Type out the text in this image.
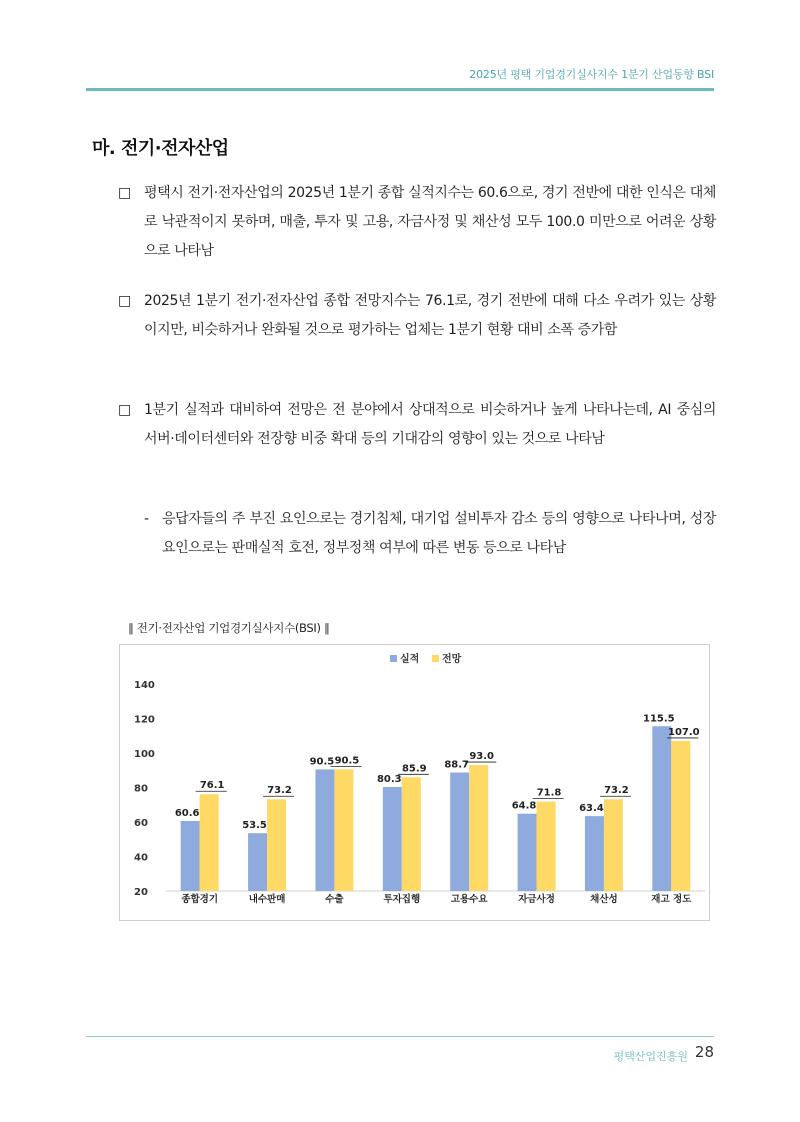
2025년 평택 기업경기실사지수 1분기 산업동향 BSI
마. 전기·전자산업
□ 평택시 전기·전자산업의 2025년 1분기 종합 실적지수는 60.6으로, 경기 전반에 대한 인식은 대체로 낙관적이지 못하며, 매출, 투자 및 고용, 자금사정 및 채산성 모두 100.0 미만으로 어려운 상황으로 나타남
□ 2025년 1분기 전기·전자산업 종합 전망지수는 76.1로, 경기 전반에 대해 다소 우려가 있는 상황이지만, 비슷하거나 완화될 것으로 평가하는 업체는 1분기 현황 대비 소폭 증가함
□ 1분기 실적과 대비하여 전망은 전 분야에서 상대적으로 비슷하거나 높게 나타나는데, AI 중심의 서버·데이터센터와 전장향 비중 확대 등의 기대감의 영향이 있는 것으로 나타남
- 응답자들의 주 부진 요인으로는 경기침체, 대기업 설비투자 감소 등의 영향으로 나타나며, 성장 요인으로는 판매실적 호전, 정부정책 여부에 따른 변동 등으로 나타남
∥ 전기·전자산업 기업경기실사지수(BSI) ∥
20
40
60
80
100
120
140
실적 전망
60.6
76.1
종합경기
53.5
73.2
내수판매
90.5 90.5
수출
80.3
85.9
투자집행
88.7
93.0
고용수요
64.8
71.8
자금사정
63.4
73.2
채산성
115.5
107.0
재고 정도
평택산업진흥원 28
